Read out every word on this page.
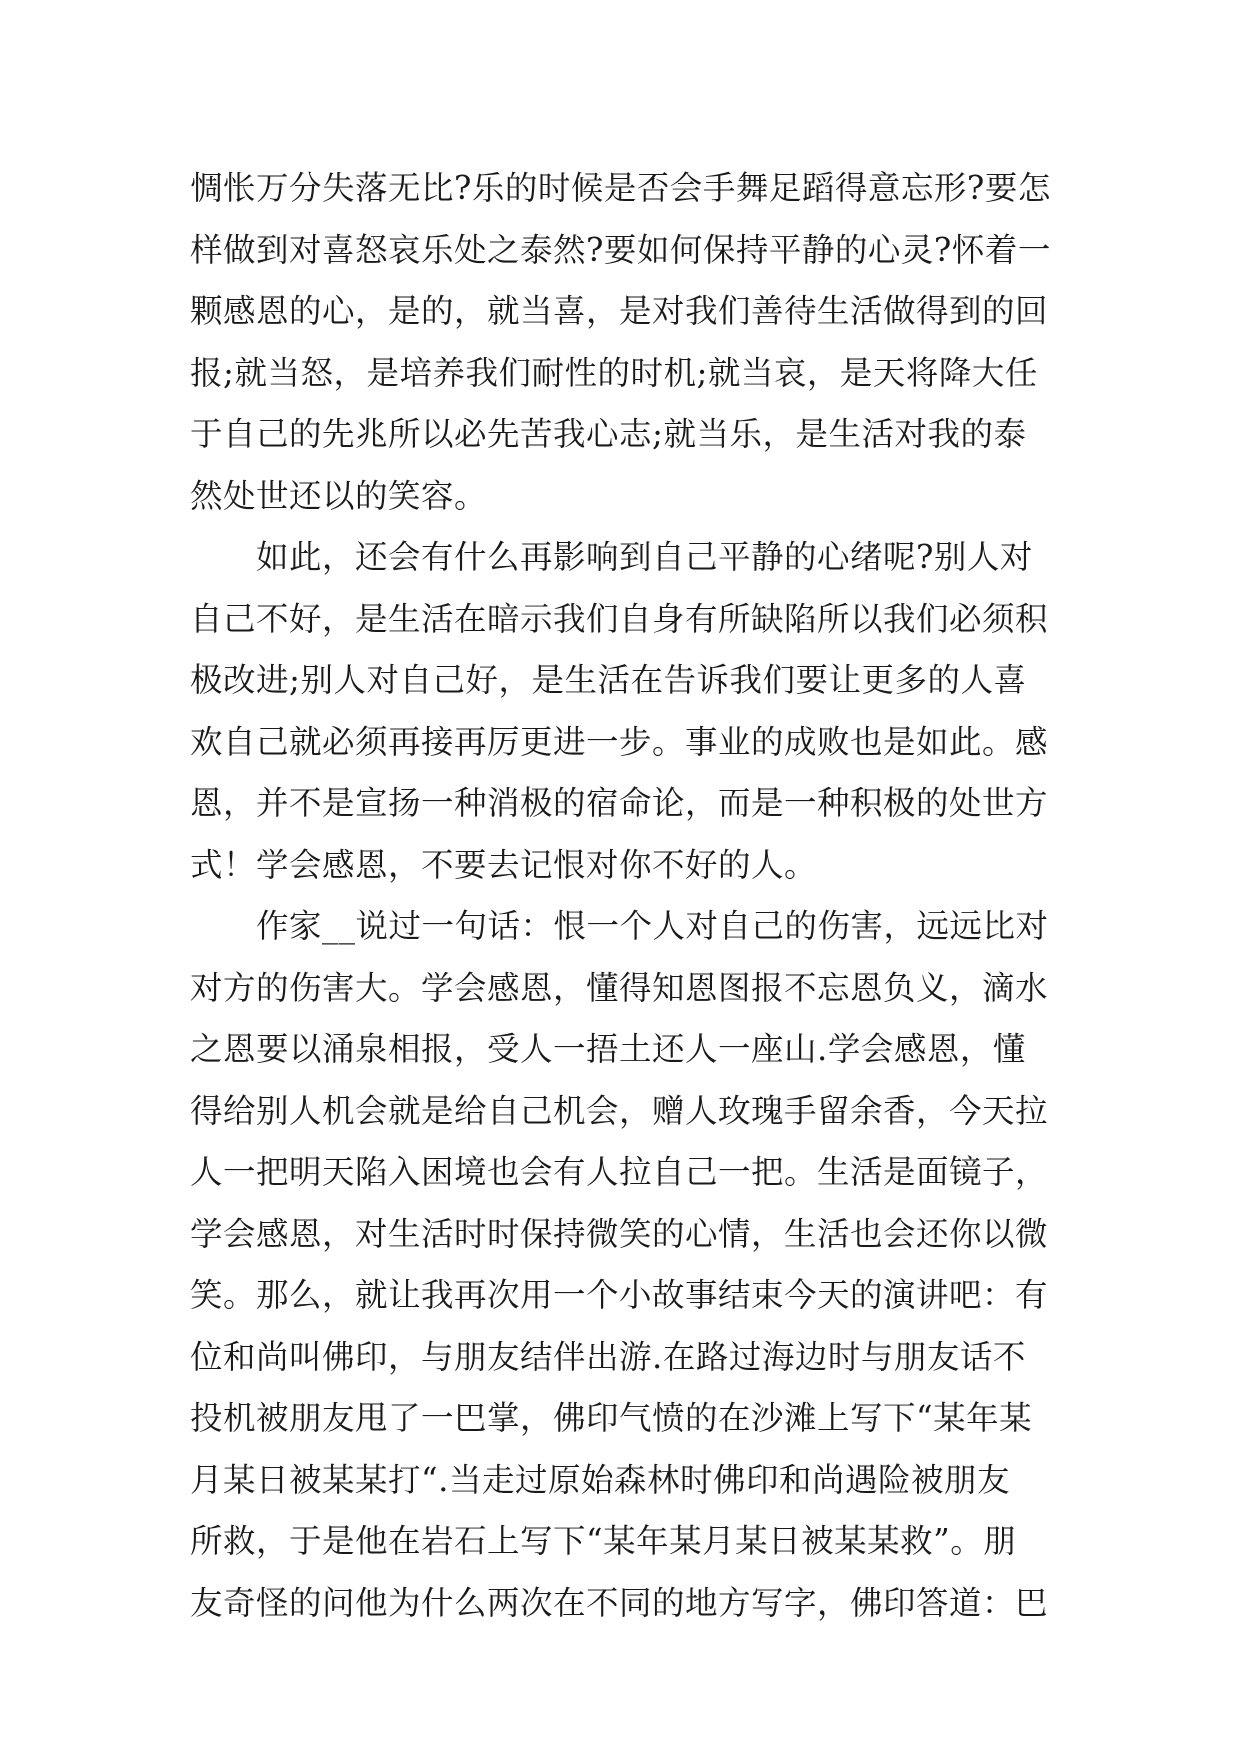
惆怅万分失落无比?乐的时候是否会手舞足蹈得意忘形?要怎
样做到对喜怒哀乐处之泰然?要如何保持平静的心灵?怀着一
颗感恩的心，是的，就当喜，是对我们善待生活做得到的回
报;就当怒，是培养我们耐性的时机;就当哀，是天将降大任
于自己的先兆所以必先苦我心志;就当乐，是生活对我的泰
然处世还以的笑容。
　　如此，还会有什么再影响到自己平静的心绪呢?别人对
自己不好，是生活在暗示我们自身有所缺陷所以我们必须积
极改进;别人对自己好，是生活在告诉我们要让更多的人喜
欢自己就必须再接再厉更进一步。事业的成败也是如此。感
恩，并不是宣扬一种消极的宿命论，而是一种积极的处世方
式！学会感恩，不要去记恨对你不好的人。
　　作家__说过一句话：恨一个人对自己的伤害，远远比对
对方的伤害大。学会感恩，懂得知恩图报不忘恩负义，滴水
之恩要以涌泉相报，受人一捂土还人一座山.学会感恩，懂
得给别人机会就是给自己机会，赠人玫瑰手留余香，今天拉
人一把明天陷入困境也会有人拉自己一把。生活是面镜子，
学会感恩，对生活时时保持微笑的心情，生活也会还你以微
笑。那么，就让我再次用一个小故事结束今天的演讲吧：有
位和尚叫佛印，与朋友结伴出游.在路过海边时与朋友话不
投机被朋友甩了一巴掌，佛印气愤的在沙滩上写下“某年某
月某日被某某打“.当走过原始森林时佛印和尚遇险被朋友
所救，于是他在岩石上写下“某年某月某日被某某救”。朋
友奇怪的问他为什么两次在不同的地方写字，佛印答道：巴
